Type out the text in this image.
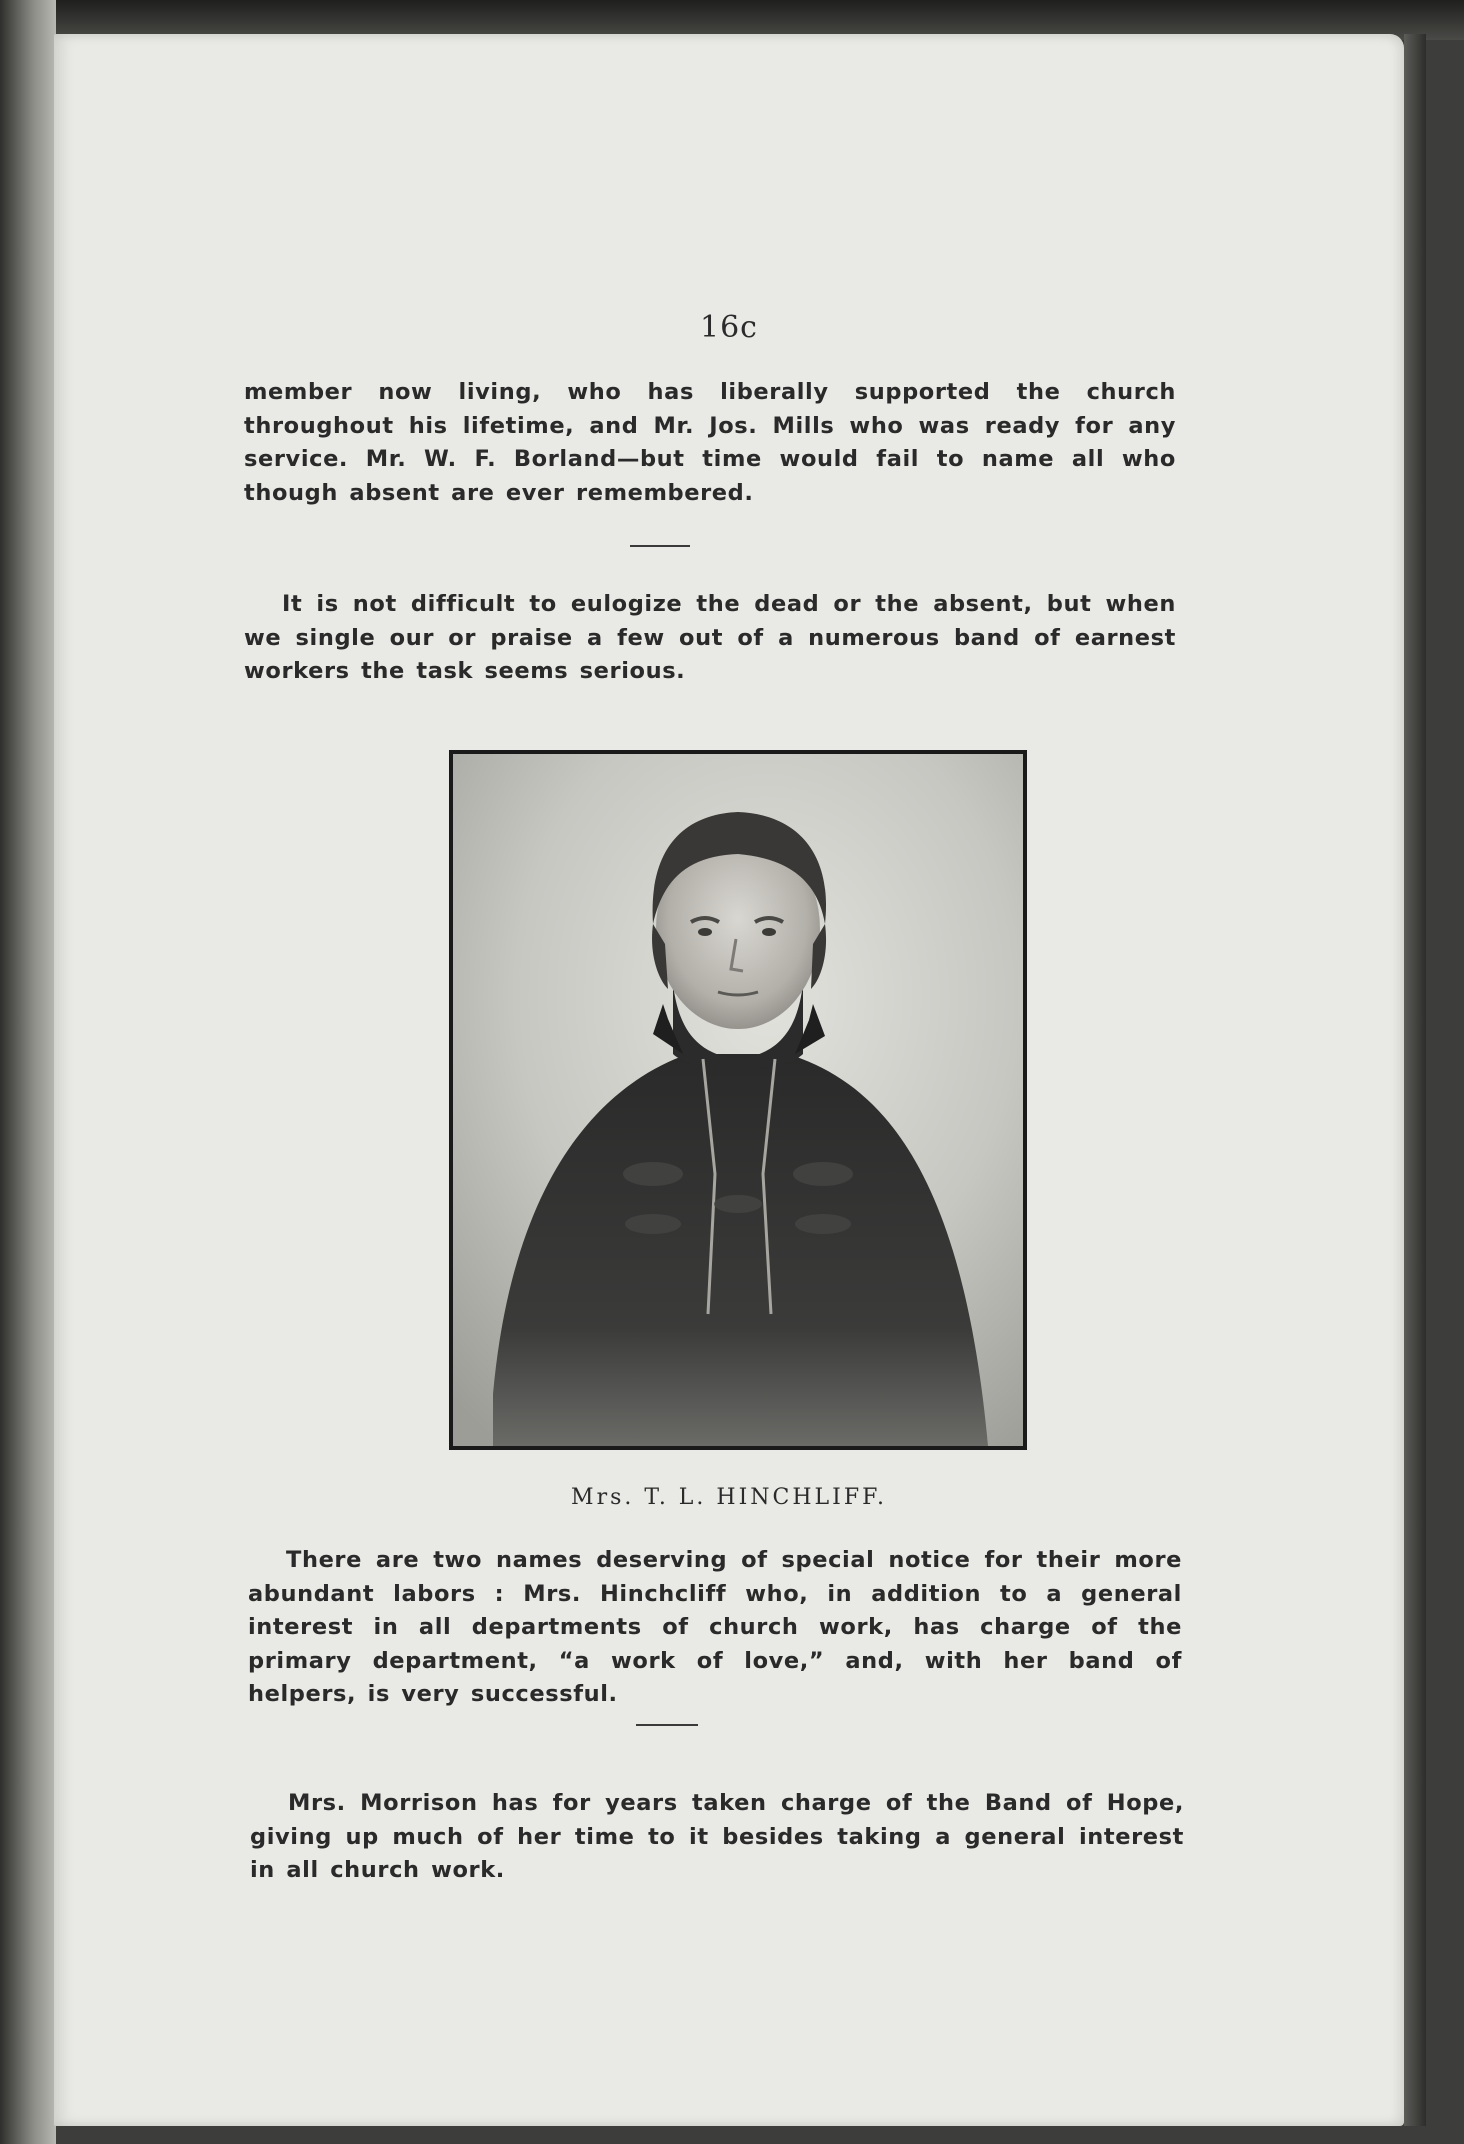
16c
member now living, who has liberally supported the church throughout his lifetime, and Mr. Jos. Mills who was ready for any service. Mr. W. F. Borland—but time would fail to name all who though absent are ever remembered.
It is not difficult to eulogize the dead or the absent, but when we single our or praise a few out of a numerous band of earnest workers the task seems serious.
Mrs. T. L. HINCHLIFF.
There are two names deserving of special notice for their more abundant labors : Mrs. Hinchcliff who, in addition to a general interest in all departments of church work, has charge of the primary department, “a work of love,” and, with her band of helpers, is very successful.
Mrs. Morrison has for years taken charge of the Band of Hope, giving up much of her time to it besides taking a general interest in all church work.
